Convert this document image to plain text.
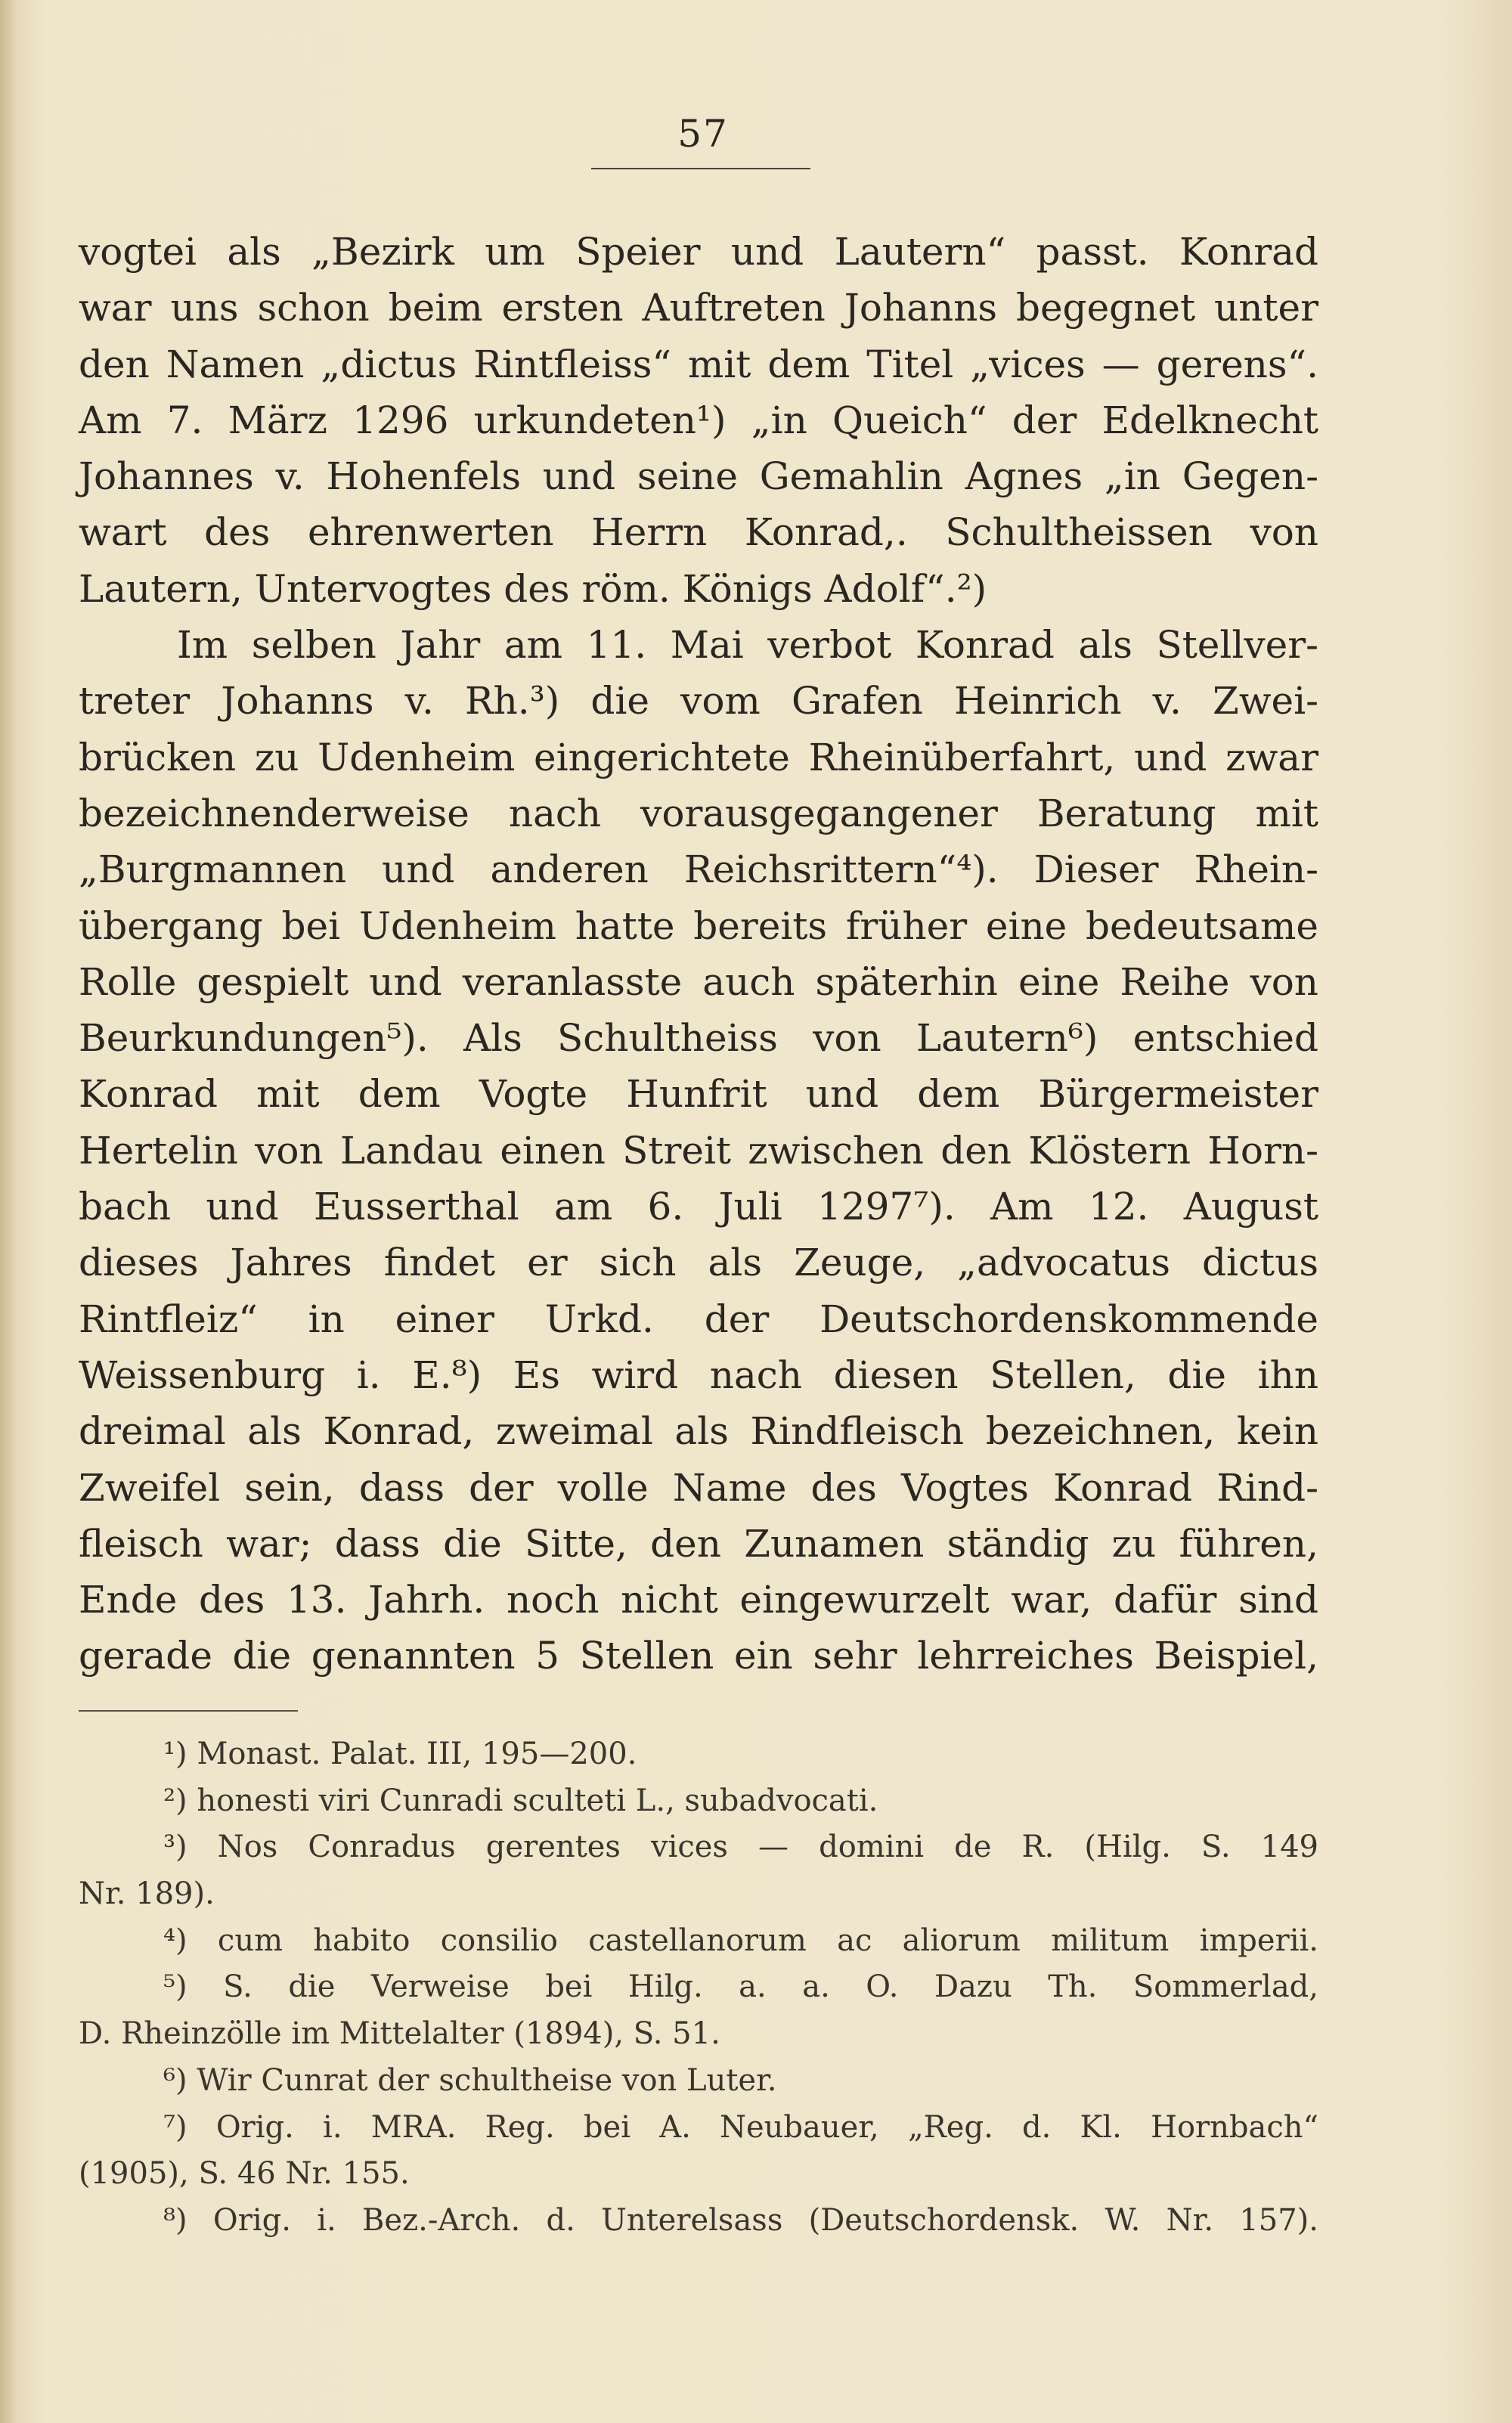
57
vogtei als „Bezirk um Speier und Lautern“ passt. Konrad
war uns schon beim ersten Auftreten Johanns begegnet unter
den Namen „dictus Rintfleiss“ mit dem Titel „vices — gerens“.
Am 7. März 1296 urkundeten¹) „in Queich“ der Edelknecht
Johannes v. Hohenfels und seine Gemahlin Agnes „in Gegen-
wart des ehrenwerten Herrn Konrad,. Schultheissen von
Lautern, Untervogtes des röm. Königs Adolf“.²)
Im selben Jahr am 11. Mai verbot Konrad als Stellver-
treter Johanns v. Rh.³) die vom Grafen Heinrich v. Zwei-
brücken zu Udenheim eingerichtete Rheinüberfahrt, und zwar
bezeichnenderweise nach vorausgegangener Beratung mit
„Burgmannen und anderen Reichsrittern“⁴). Dieser Rhein-
übergang bei Udenheim hatte bereits früher eine bedeutsame
Rolle gespielt und veranlasste auch späterhin eine Reihe von
Beurkundungen⁵). Als Schultheiss von Lautern⁶) entschied
Konrad mit dem Vogte Hunfrit und dem Bürgermeister
Hertelin von Landau einen Streit zwischen den Klöstern Horn-
bach und Eusserthal am 6. Juli 1297⁷). Am 12. August
dieses Jahres findet er sich als Zeuge, „advocatus dictus
Rintfleiz“ in einer Urkd. der Deutschordenskommende
Weissenburg i. E.⁸) Es wird nach diesen Stellen, die ihn
dreimal als Konrad, zweimal als Rindfleisch bezeichnen, kein
Zweifel sein, dass der volle Name des Vogtes Konrad Rind-
fleisch war; dass die Sitte, den Zunamen ständig zu führen,
Ende des 13. Jahrh. noch nicht eingewurzelt war, dafür sind
gerade die genannten 5 Stellen ein sehr lehrreiches Beispiel,
¹) Monast. Palat. III, 195—200.
²) honesti viri Cunradi sculteti L., subadvocati.
³) Nos Conradus gerentes vices — domini de R. (Hilg. S. 149
Nr. 189).
⁴) cum habito consilio castellanorum ac aliorum militum imperii.
⁵) S. die Verweise bei Hilg. a. a. O. Dazu Th. Sommerlad,
D. Rheinzölle im Mittelalter (1894), S. 51.
⁶) Wir Cunrat der schultheise von Luter.
⁷) Orig. i. MRA. Reg. bei A. Neubauer, „Reg. d. Kl. Hornbach“
(1905), S. 46 Nr. 155.
⁸) Orig. i. Bez.-Arch. d. Unterelsass (Deutschordensk. W. Nr. 157).
